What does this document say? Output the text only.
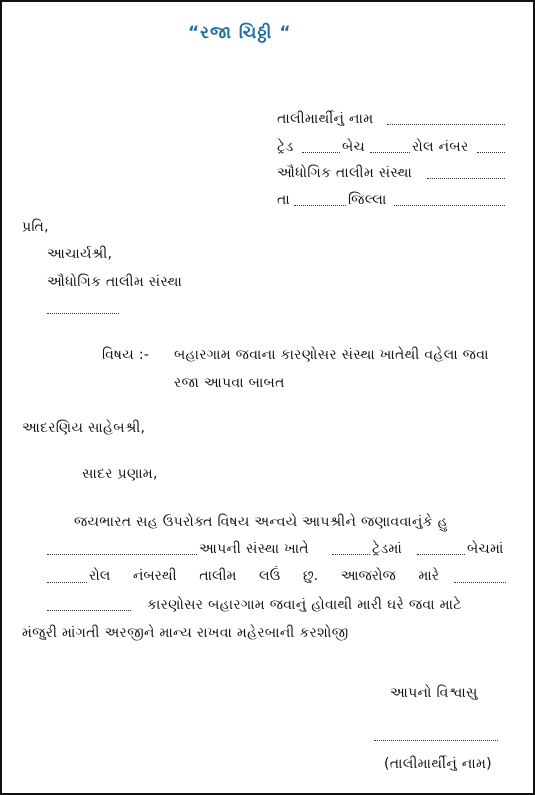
“રજા ચિઠ્ઠી “
તાલીમાર્થીનું નામ
ટ્રેડ	બેચ	રોલ નંબર
ઔધોગિક તાલીમ સંસ્થા
તા	જિલ્લા
પ્રતિ,
આચાર્યશ્રી,
ઔધોગિક તાલીમ સંસ્થા
વિષય :- બહારગામ જવાના કારણોસર સંસ્થા ખાતેથી વહેલા જવા
રજા આપવા બાબત
આદરણિય સાહેબશ્રી,
સાદર પ્રણામ,
જયભારત સહ ઉપરોક્ત વિષય અન્વયે આપશ્રીને જણાવવાનુંકે હુ
આપની સંસ્થા ખાતે	ટ્રેડમાં	બેચમાં
રોલ નંબરથી તાલીમ લઉં છુ. આજરોજ મારે
કારણોસર બહારગામ જવાનું હોવાથી મારી ઘરે જવા માટે
મંજુરી માંગતી અરજીને માન્ય રાખવા મહેરબાની કરશોજી
આપનો વિશ્વાસુ
(તાલીમાર્થીનું નામ)
